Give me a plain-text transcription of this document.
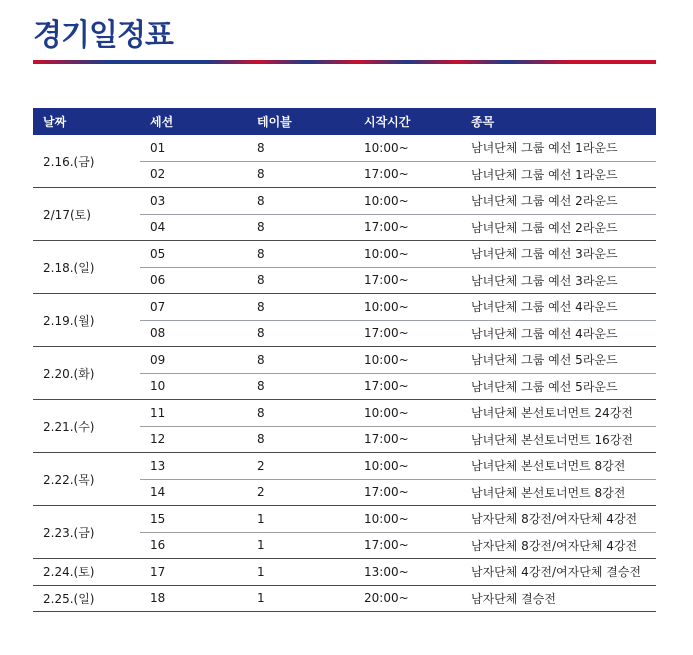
경기일정표
날짜	세션	테이블	시작시간	종목
2.16.(금)	01	8	10:00~	남녀단체 그룹 예선 1라운드
	02	8	17:00~	남녀단체 그룹 예선 1라운드
2/17(토)	03	8	10:00~	남녀단체 그룹 예선 2라운드
	04	8	17:00~	남녀단체 그룹 예선 2라운드
2.18.(일)	05	8	10:00~	남녀단체 그룹 예선 3라운드
	06	8	17:00~	남녀단체 그룹 예선 3라운드
2.19.(월)	07	8	10:00~	남녀단체 그룹 예선 4라운드
	08	8	17:00~	남녀단체 그룹 예선 4라운드
2.20.(화)	09	8	10:00~	남녀단체 그룹 예선 5라운드
	10	8	17:00~	남녀단체 그룹 예선 5라운드
2.21.(수)	11	8	10:00~	남녀단체 본선토너먼트 24강전
	12	8	17:00~	남녀단체 본선토너먼트 16강전
2.22.(목)	13	2	10:00~	남녀단체 본선토너먼트 8강전
	14	2	17:00~	남녀단체 본선토너먼트 8강전
2.23.(금)	15	1	10:00~	남자단체 8강전/여자단체 4강전
	16	1	17:00~	남자단체 8강전/여자단체 4강전
2.24.(토)	17	1	13:00~	남자단체 4강전/여자단체 결승전
2.25.(일)	18	1	20:00~	남자단체 결승전
